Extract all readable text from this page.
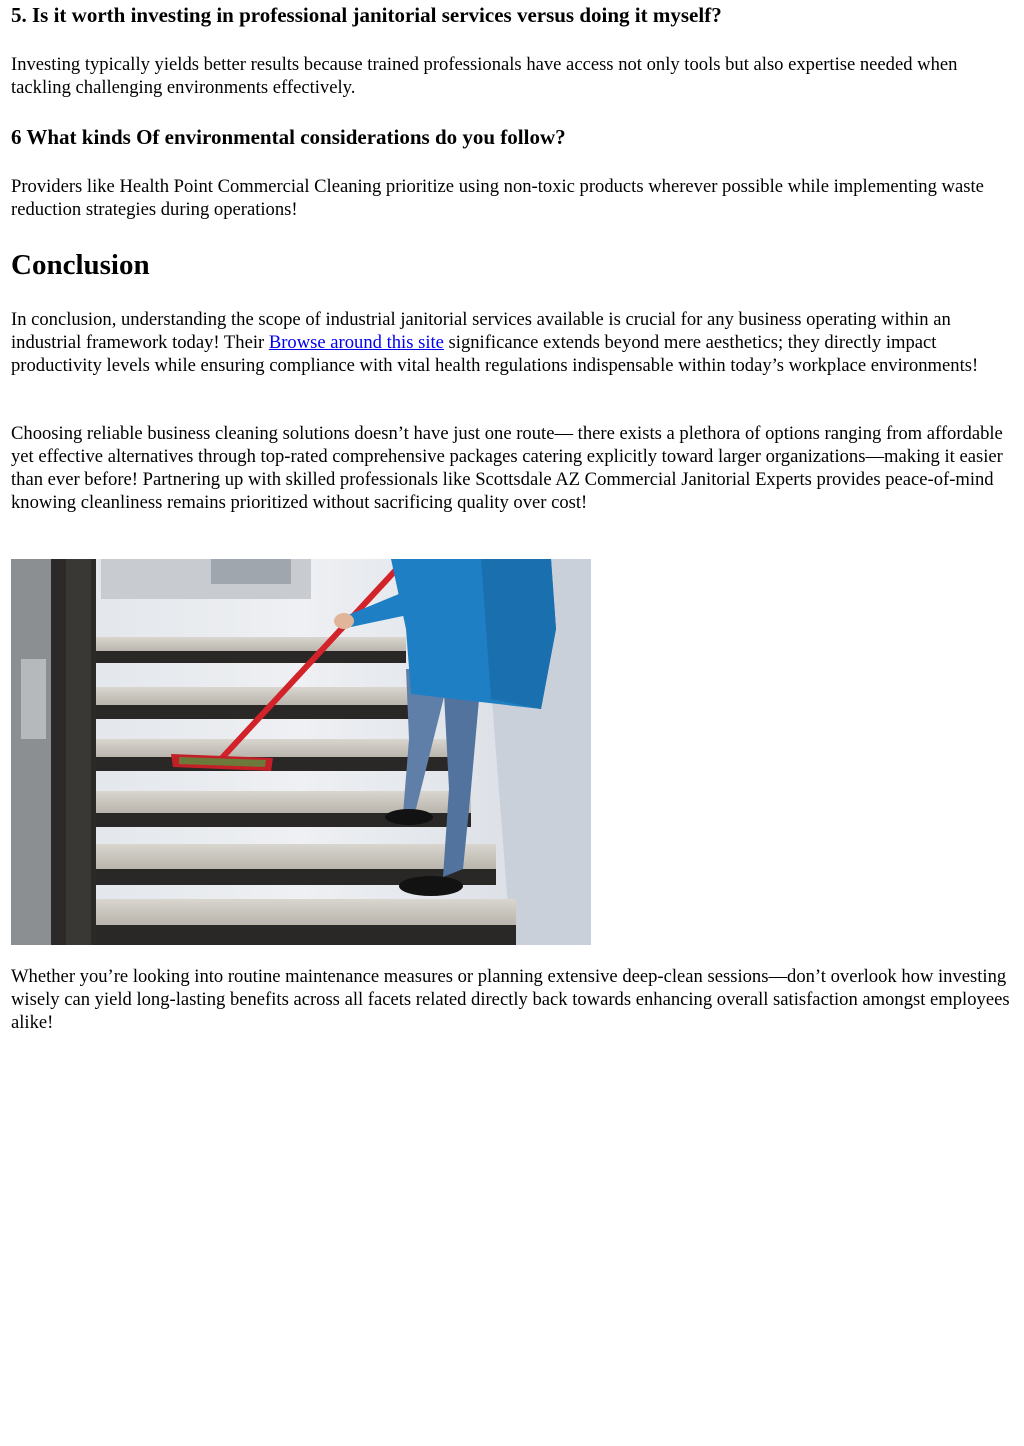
5. Is it worth investing in professional janitorial services versus doing it myself?

Investing typically yields better results because trained professionals have access not only tools but also expertise needed when tackling challenging environments effectively.

6 What kinds Of environmental considerations do you follow?

Providers like Health Point Commercial Cleaning prioritize using non-toxic products wherever possible while implementing waste reduction strategies during operations!

Conclusion

In conclusion, understanding the scope of industrial janitorial services available is crucial for any business operating within an industrial framework today! Their Browse around this site significance extends beyond mere aesthetics; they directly impact productivity levels while ensuring compliance with vital health regulations indispensable within today’s workplace environments!

Choosing reliable business cleaning solutions doesn’t have just one route— there exists a plethora of options ranging from affordable yet effective alternatives through top-rated comprehensive packages catering explicitly toward larger organizations—making it easier than ever before! Partnering up with skilled professionals like Scottsdale AZ Commercial Janitorial Experts provides peace-of-mind knowing cleanliness remains prioritized without sacrificing quality over cost!

Whether you’re looking into routine maintenance measures or planning extensive deep-clean sessions—don’t overlook how investing wisely can yield long-lasting benefits across all facets related directly back towards enhancing overall satisfaction amongst employees alike!
